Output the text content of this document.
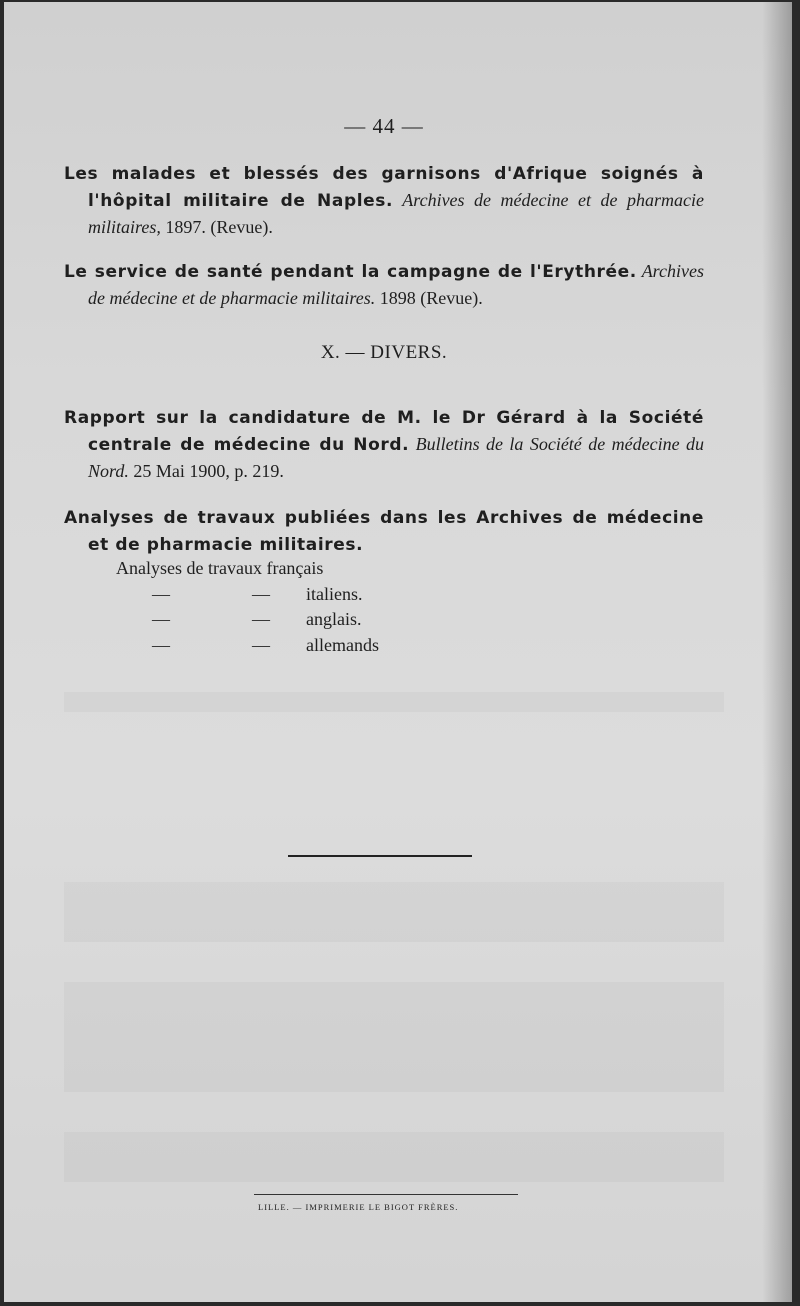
— 44 —

Les malades et blessés des garnisons d'Afrique soignés à l'hôpital militaire de Naples. Archives de médecine et de pharmacie militaires, 1897. (Revue).

Le service de santé pendant la campagne de l'Erythrée. Archives de médecine et de pharmacie militaires. 1898 (Revue).

X. — DIVERS.

Rapport sur la candidature de M. le Dr Gérard à la Société centrale de médecine du Nord. Bulletins de la Société de médecine du Nord. 25 Mai 1900, p. 219.

Analyses de travaux publiées dans les Archives de médecine et de pharmacie militaires.

Analyses de travaux français
—	—	italiens.
—	—	anglais.
—	—	allemands
LILLE. — IMPRIMERIE LE BIGOT FRÈRES.
